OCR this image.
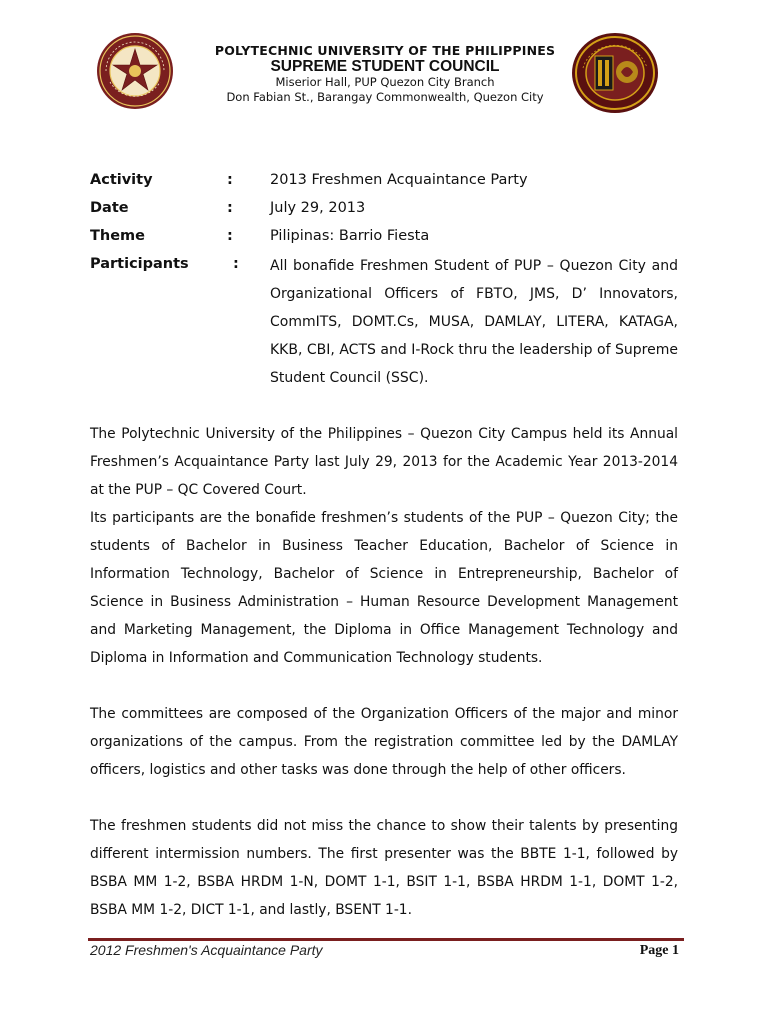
POLYTECHNIC UNIVERSITY OF THE PHILIPPINES
SUPREME STUDENT COUNCIL
Miserior Hall, PUP Quezon City Branch
Don Fabian St., Barangay Commonwealth, Quezon City
Activity	:	2013 Freshmen Acquaintance Party
Date	:	July 29, 2013
Theme	:	Pilipinas: Barrio Fiesta
Participants	: All bonafide Freshmen Student of PUP – Quezon City and Organizational Officers of FBTO, JMS, D’ Innovators, CommITS, DOMT.Cs, MUSA, DAMLAY, LITERA, KATAGA, KKB, CBI, ACTS and I-Rock thru the leadership of Supreme Student Council (SSC).

The Polytechnic University of the Philippines – Quezon City Campus held its Annual Freshmen’s Acquaintance Party last July 29, 2013 for the Academic Year 2013-2014 at the PUP – QC Covered Court.

Its participants are the bonafide freshmen’s students of the PUP – Quezon City; the students of Bachelor in Business Teacher Education, Bachelor of Science in Information Technology, Bachelor of Science in Entrepreneurship, Bachelor of Science in Business Administration – Human Resource Development Management and Marketing Management, the Diploma in Office Management Technology and Diploma in Information and Communication Technology students.

The committees are composed of the Organization Officers of the major and minor organizations of the campus. From the registration committee led by the DAMLAY officers, logistics and other tasks was done through the help of other officers.

The freshmen students did not miss the chance to show their talents by presenting different intermission numbers. The first presenter was the BBTE 1-1, followed by BSBA MM 1-2, BSBA HRDM 1-N, DOMT 1-1, BSIT 1-1, BSBA HRDM 1-1, DOMT 1-2, BSBA MM 1-2, DICT 1-1, and lastly, BSENT 1-1.

2012 Freshmen's Acquaintance Party	Page 1
